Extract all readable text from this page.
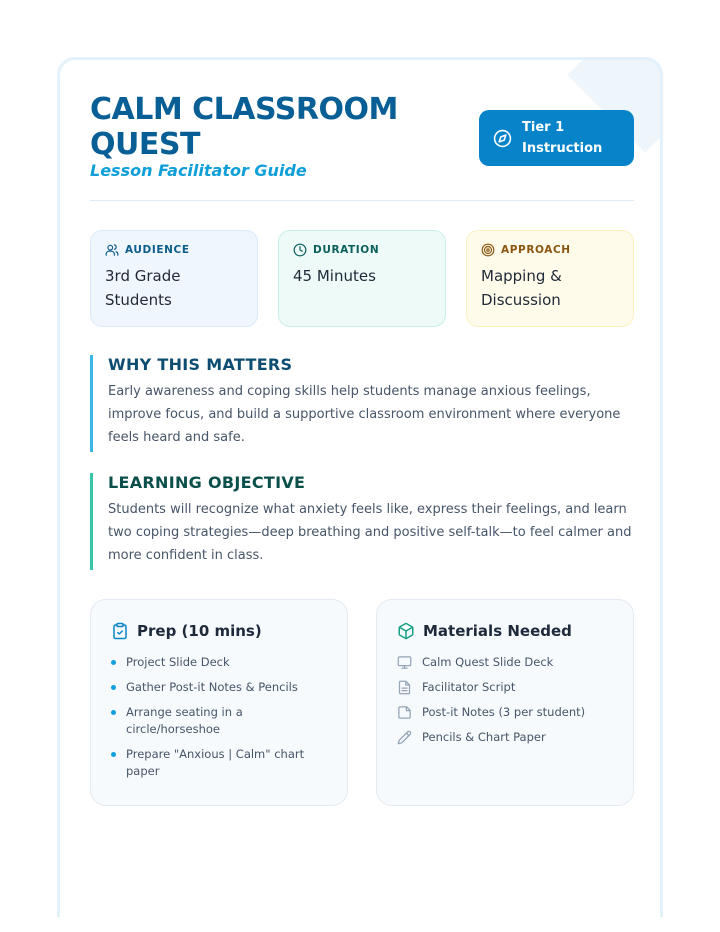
CALM CLASSROOM QUEST
Lesson Facilitator Guide
Tier 1 Instruction
AUDIENCE
3rd Grade Students
DURATION
45 Minutes
APPROACH
Mapping & Discussion
WHY THIS MATTERS

Early awareness and coping skills help students manage anxious feelings, improve focus, and build a supportive classroom environment where everyone feels heard and safe.

LEARNING OBJECTIVE

Students will recognize what anxiety feels like, express their feelings, and learn two coping strategies—deep breathing and positive self-talk—to feel calmer and more confident in class.

Prep (10 mins)
Project Slide Deck
Gather Post-it Notes & Pencils
Arrange seating in a circle/horseshoe
Prepare "Anxious | Calm" chart paper
Materials Needed
Calm Quest Slide Deck
Facilitator Script
Post-it Notes (3 per student)
Pencils & Chart Paper
